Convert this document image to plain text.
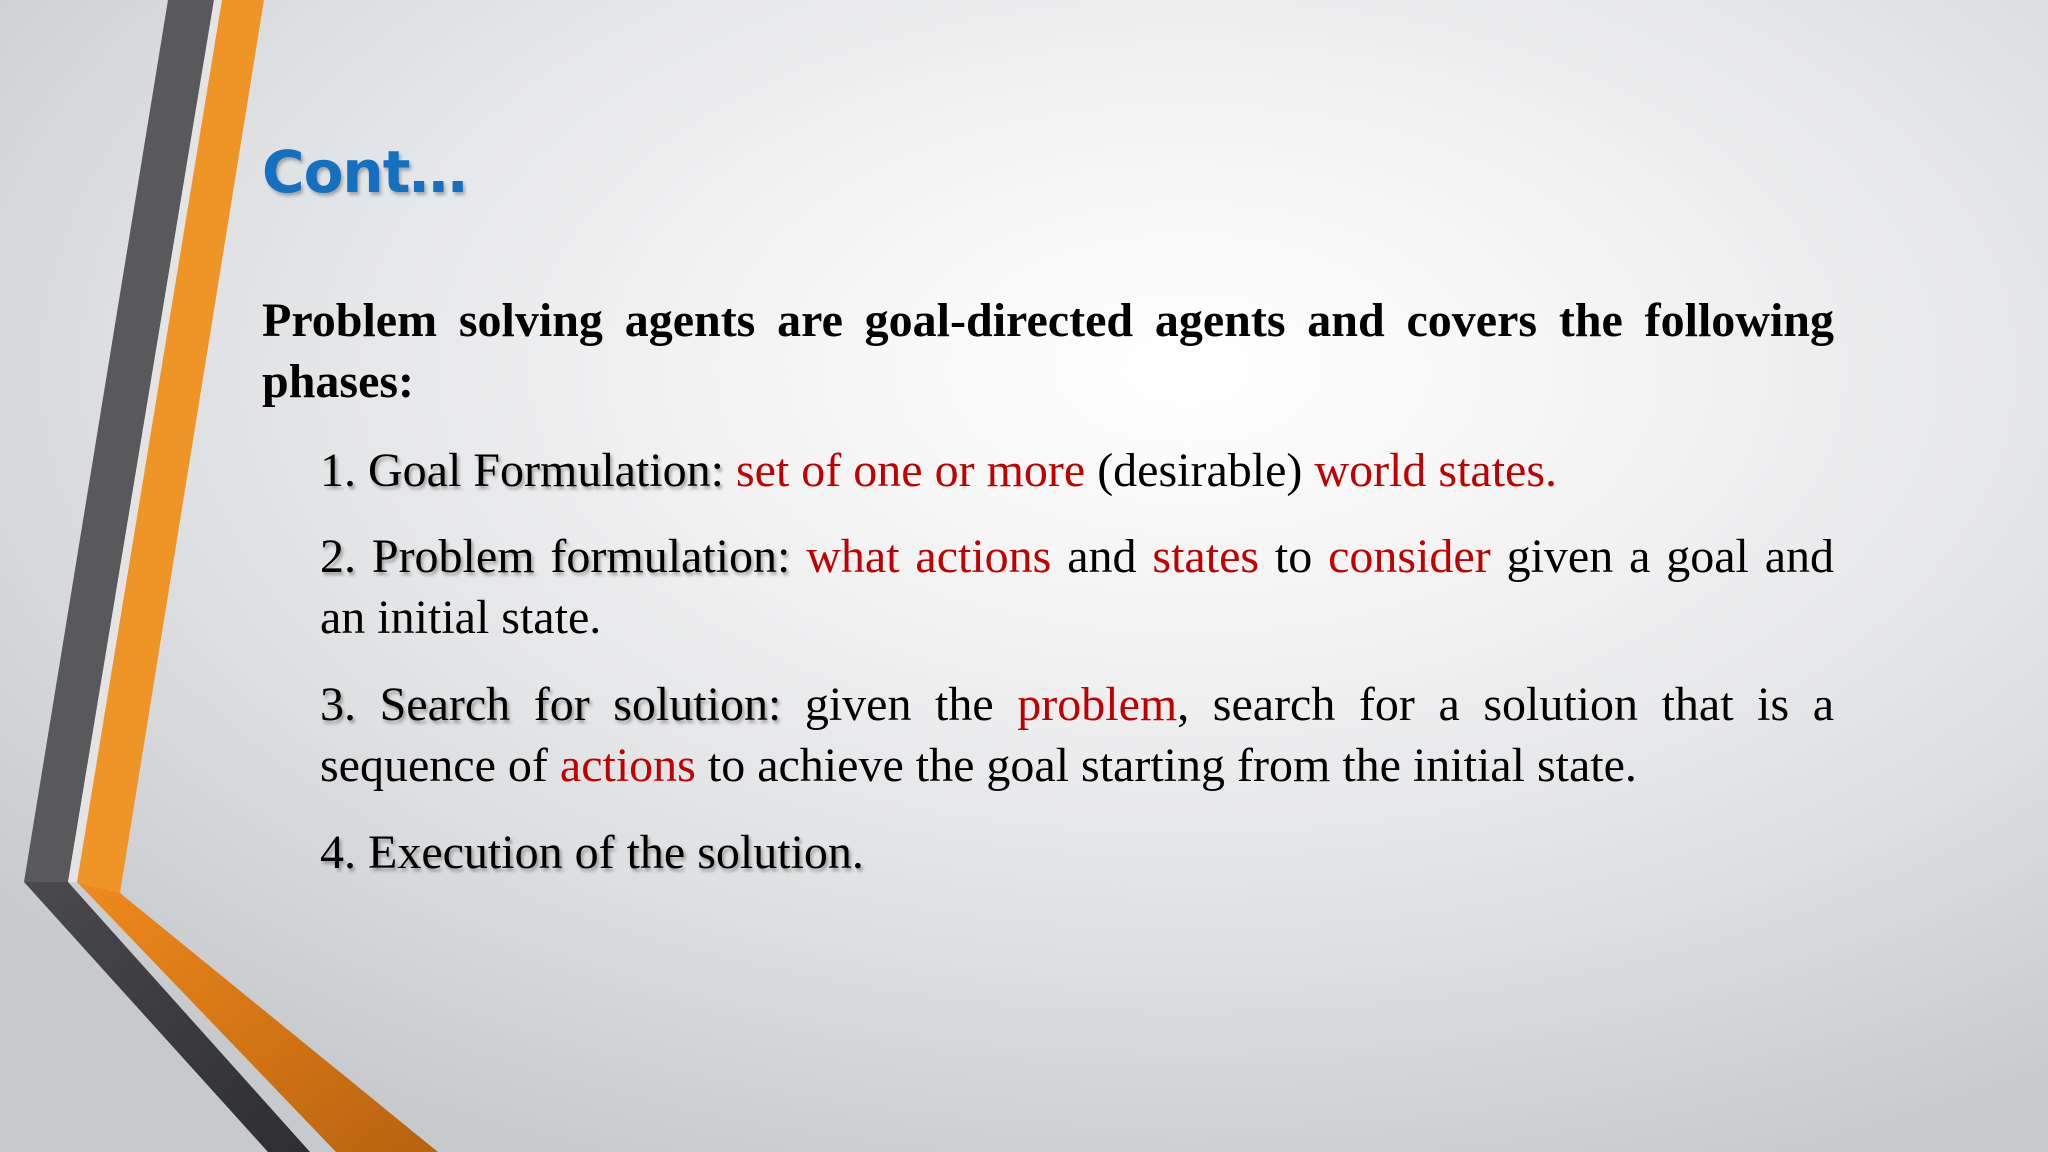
Cont…

Problem solving agents are goal-directed agents and covers the following phases:

1. Goal Formulation: set of one or more (desirable) world states.

2. Problem formulation: what actions and states to consider given a goal and an initial state.

3. Search for solution: given the problem, search for a solution that is a sequence of actions to achieve the goal starting from the initial state.

4. Execution of the solution.
